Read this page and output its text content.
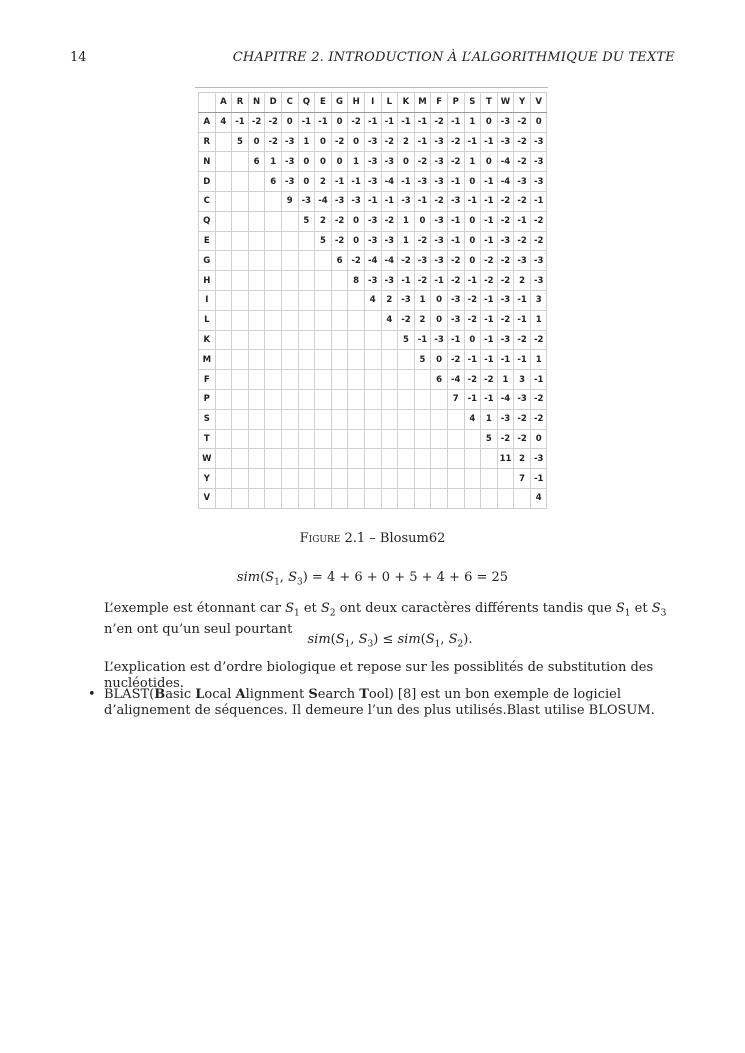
14	CHAPITRE 2. INTRODUCTION À L’ALGORITHMIQUE DU TEXTE
	A	R	N	D	C	Q	E	G	H	I	L	K	M	F	P	S	T	W	Y	V
A	4	-1	-2	-2	0	-1	-1	0	-2	-1	-1	-1	-1	-2	-1	1	0	-3	-2	0
R		5	0	-2	-3	1	0	-2	0	-3	-2	2	-1	-3	-2	-1	-1	-3	-2	-3
N			6	1	-3	0	0	0	1	-3	-3	0	-2	-3	-2	1	0	-4	-2	-3
D				6	-3	0	2	-1	-1	-3	-4	-1	-3	-3	-1	0	-1	-4	-3	-3
C					9	-3	-4	-3	-3	-1	-1	-3	-1	-2	-3	-1	-1	-2	-2	-1
Q						5	2	-2	0	-3	-2	1	0	-3	-1	0	-1	-2	-1	-2
E							5	-2	0	-3	-3	1	-2	-3	-1	0	-1	-3	-2	-2
G								6	-2	-4	-4	-2	-3	-3	-2	0	-2	-2	-3	-3
H									8	-3	-3	-1	-2	-1	-2	-1	-2	-2	2	-3
I										4	2	-3	1	0	-3	-2	-1	-3	-1	3
L											4	-2	2	0	-3	-2	-1	-2	-1	1
K												5	-1	-3	-1	0	-1	-3	-2	-2
M													5	0	-2	-1	-1	-1	-1	1
F														6	-4	-2	-2	1	3	-1
P															7	-1	-1	-4	-3	-2
S																4	1	-3	-2	-2
T																	5	-2	-2	0
W																		11	2	-3
Y																			7	-1
V																				4
Figure 2.1 – Blosum62
$sim(S_1$, $S_3) = 4 + 6 + 0 + 5 + 4 + 6 = 25$
L’exemple est étonnant car $S_1$ et $S_2$ ont deux caractères différents tandis que $S_1$ et $S_3$ n’en ont qu’un seul pourtant
$sim(S_1$, $S_3) \le sim(S_1$, $S_2$).
L’explication est d’ordre biologique et repose sur les possiblités de substitution des nucléotides.
• BLAST(Basic Local Alignment Search Tool) [8] est un bon exemple de logiciel d’alignement de séquences. Il demeure l’un des plus utilisés.Blast utilise BLOSUM.
